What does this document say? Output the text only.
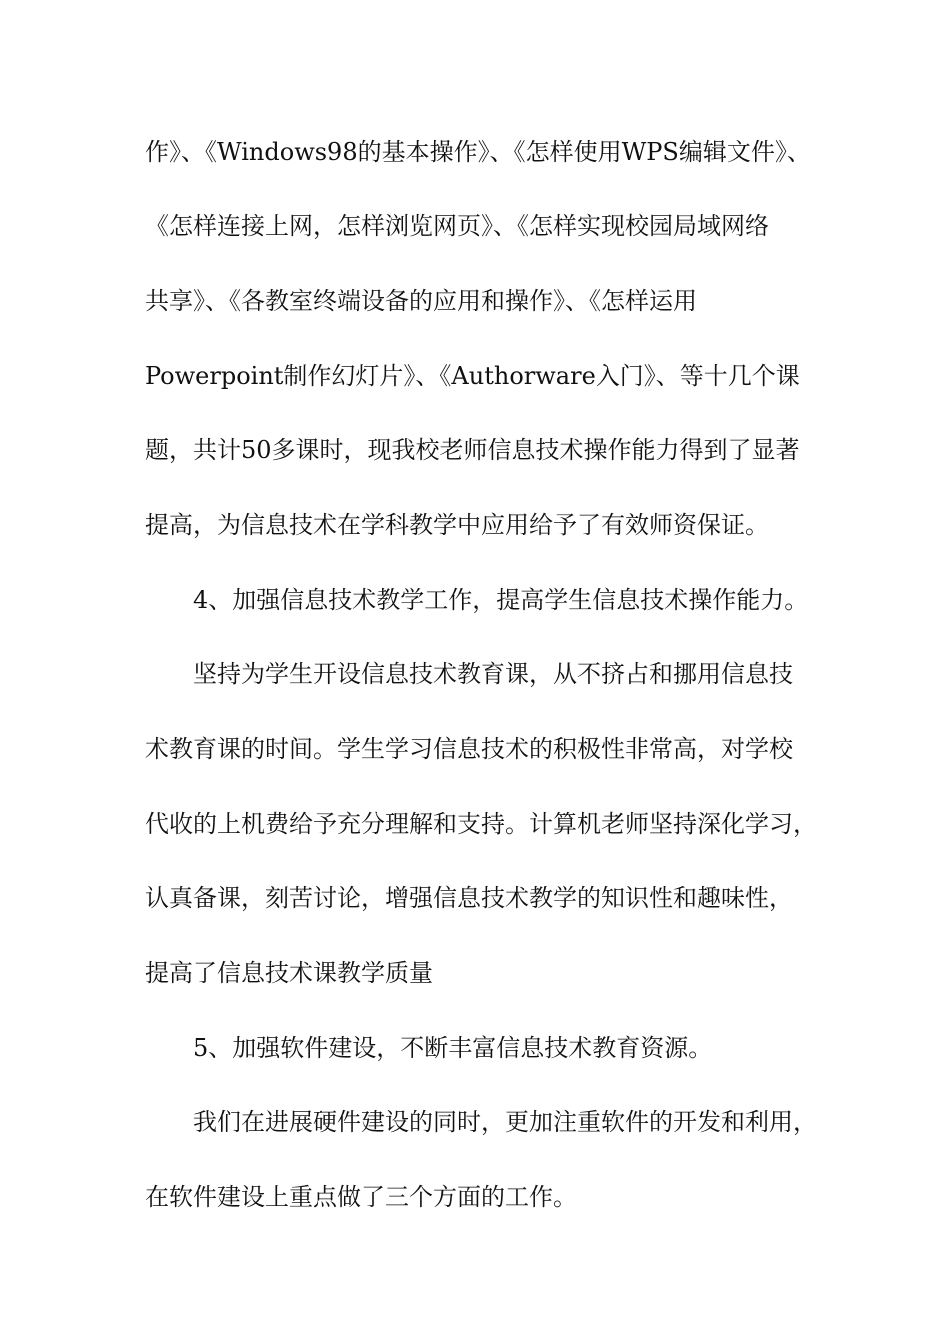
作》、《Windows98的基本操作》、《怎样使用WPS编辑文件》、
《怎样连接上网，怎样浏览网页》、《怎样实现校园局域网络
共享》、《各教室终端设备的应用和操作》、《怎样运用
Powerpoint制作幻灯片》、《Authorware入门》、等十几个课
题，共计50多课时，现我校老师信息技术操作能力得到了显著
提高，为信息技术在学科教学中应用给予了有效师资保证。
4、加强信息技术教学工作，提高学生信息技术操作能力。
坚持为学生开设信息技术教育课，从不挤占和挪用信息技
术教育课的时间。学生学习信息技术的积极性非常高，对学校
代收的上机费给予充分理解和支持。计算机老师坚持深化学习，
认真备课，刻苦讨论，增强信息技术教学的知识性和趣味性，
提高了信息技术课教学质量
5、加强软件建设，不断丰富信息技术教育资源。
我们在进展硬件建设的同时，更加注重软件的开发和利用，
在软件建设上重点做了三个方面的工作。
